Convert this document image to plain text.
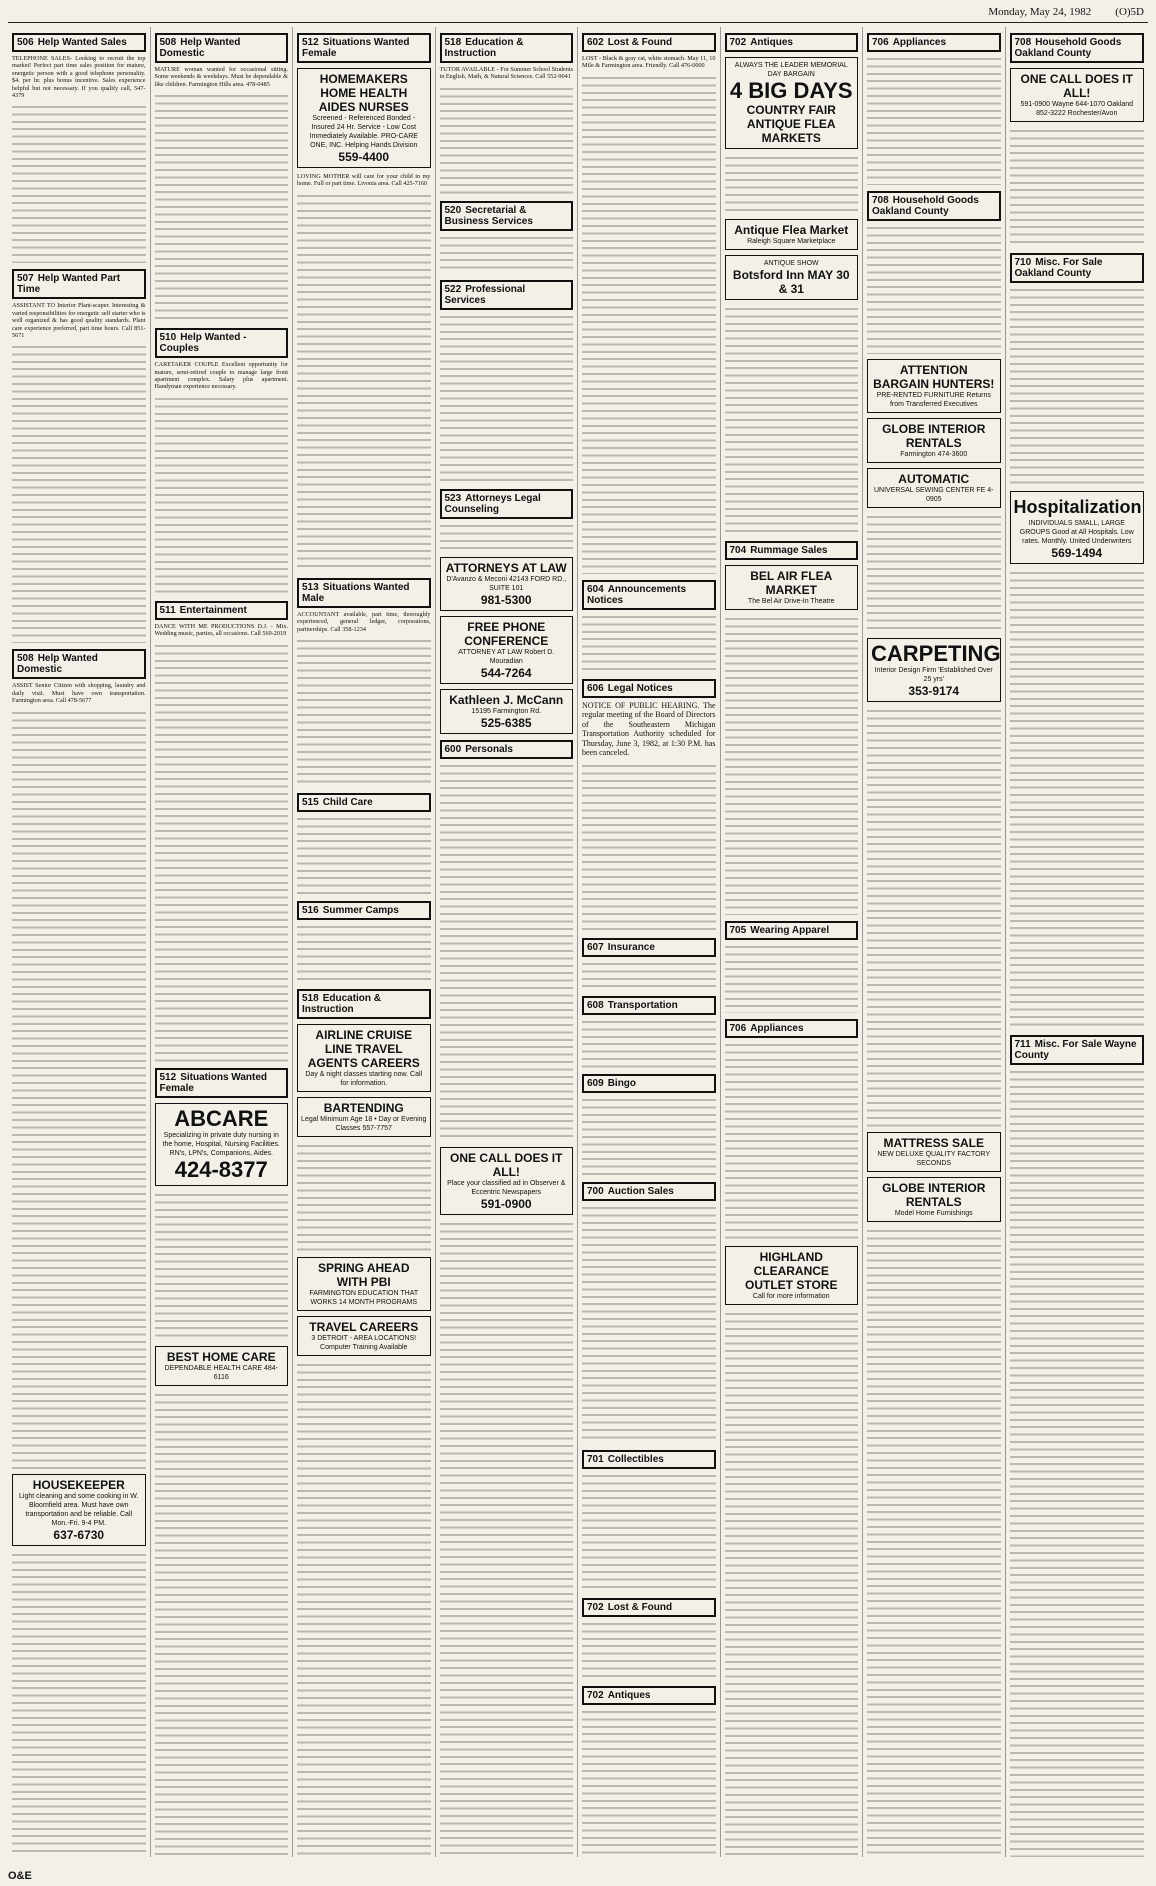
Monday, May 24, 1982 (O)5D
506 Help Wanted Sales

TELEPHONE SALES- Looking to recruit the top market! Perfect part time sales position for mature, energetic person with a good telephone personality. $4. per hr. plus bonus incentive. Sales experience helpful but not necessary. If you qualify call, 547-4379

507 Help Wanted Part Time

ASSISTANT TO Interior Plant-scaper. Interesting & varied responsibilities for energetic self starter who is well organized & has good quality standards. Plant care experience preferred, part time hours. Call 851-5671

508 Help Wanted Domestic

ASSIST Senior Citizen with shopping, laundry and daily visit. Must have own transportation. Farmington area. Call 478-5677

HOUSEKEEPER
Light cleaning and some cooking in W. Bloomfield area. Must have own transportation and be reliable. Call Mon.-Fri. 9-4 PM.
637-6730
508 Help Wanted Domestic

MATURE woman wanted for occasional sitting. Some weekends & weekdays. Must be dependable & like children. Farmington Hills area. 478-0485

510 Help Wanted - Couples

CARETAKER COUPLE Excellent opportunity for mature, semi-retired couple to manage large front apartment complex. Salary plus apartment. Handyman experience necessary.

511 Entertainment

DANCE WITH ME PRODUCTIONS D.J. - Mix. Wedding music, parties, all occasions. Call 569-2019

512 Situations Wanted Female
ABCARE
Specializing in private duty nursing in the home, Hospital, Nursing Facilities. RN's, LPN's, Companions, Aides.
424-8377
BEST HOME CARE
DEPENDABLE HEALTH CARE 484-6116
512 Situations Wanted Female
HOMEMAKERS HOME HEALTH AIDES NURSES
Screened - Referenced Bonded - Insured 24 Hr. Service - Low Cost Immediately Available. PRO-CARE ONE, INC. Helping Hands Division
559-4400

LOVING MOTHER will care for your child in my home. Full or part time. Livonia area. Call 425-7160

513 Situations Wanted Male

ACCOUNTANT available, part time, thoroughly experienced, general ledger, corporations, partnerships. Call 358-1234

515 Child Care
516 Summer Camps
518 Education & Instruction
AIRLINE CRUISE LINE TRAVEL AGENTS CAREERS
Day & night classes starting now. Call for information.
BARTENDING
Legal Minimum Age 18 • Day or Evening Classes 557-7757
SPRING AHEAD WITH PBI
FARMINGTON EDUCATION THAT WORKS 14 MONTH PROGRAMS
TRAVEL CAREERS
3 DETROIT - AREA LOCATIONS! Computer Training Available
518 Education & Instruction

TUTOR AVAILABLE - For Summer School Students in English, Math, & Natural Sciences. Call 552-9041

520 Secretarial & Business Services
522 Professional Services
523 Attorneys Legal Counseling
ATTORNEYS AT LAW
D'Avanzo & Meconi 42143 FORD RD., SUITE 101
981-5300
FREE PHONE CONFERENCE
ATTORNEY AT LAW Robert D. Mouradian
544-7264
Kathleen J. McCann
15195 Farmington Rd.
525-6385
600 Personals
ONE CALL DOES IT ALL!
Place your classified ad in Observer & Eccentric Newspapers
591-0900
602 Lost & Found

LOST - Black & gray cat, white stomach. May 11, 10 Mile & Farmington area. Friendly. Call 476-0000

604 Announcements Notices
606 Legal Notices

NOTICE OF PUBLIC HEARING. The regular meeting of the Board of Directors of the Southeastern Michigan Transportation Authority scheduled for Thursday, June 3, 1982, at 1:30 P.M. has been canceled.

607 Insurance
608 Transportation
609 Bingo
700 Auction Sales
701 Collectibles
702 Lost & Found
702 Antiques
702 Antiques
ALWAYS THE LEADER MEMORIAL DAY BARGAIN
4 BIG DAYS
COUNTRY FAIR ANTIQUE FLEA MARKETS
Antique Flea Market
Raleigh Square Marketplace
ANTIQUE SHOW
Botsford Inn MAY 30 & 31
704 Rummage Sales
BEL AIR FLEA MARKET
The Bel Air Drive-In Theatre
705 Wearing Apparel
706 Appliances
HIGHLAND CLEARANCE OUTLET STORE
Call for more information
706 Appliances
708 Household Goods Oakland County
ATTENTION BARGAIN HUNTERS!
PRE-RENTED FURNITURE Returns from Transferred Executives
GLOBE INTERIOR RENTALS
Farmington 474-3600
AUTOMATIC
UNIVERSAL SEWING CENTER FE 4-0905
CARPETING
Interior Design Firm 'Established Over 25 yrs'
353-9174
MATTRESS SALE
NEW DELUXE QUALITY FACTORY SECONDS
GLOBE INTERIOR RENTALS
Model Home Furnishings
708 Household Goods Oakland County
ONE CALL DOES IT ALL!
591-0900 Wayne 644-1070 Oakland 852-3222 Rochester/Avon
710 Misc. For Sale Oakland County
Hospitalization
INDIVIDUALS SMALL, LARGE GROUPS Good at All Hospitals. Low rates. Monthly. United Underwriters
569-1494
711 Misc. For Sale Wayne County
O&E
